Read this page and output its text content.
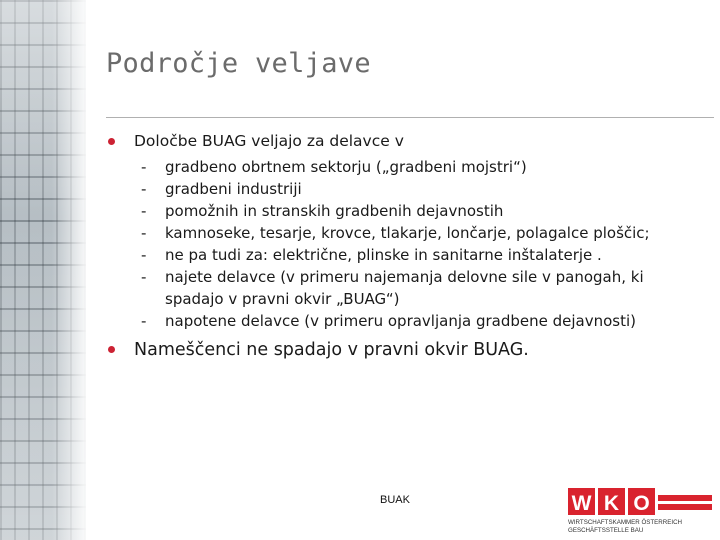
Področje veljave
Določbe BUAG veljajo za delavce v
- gradbeno obrtnem sektorju („gradbeni mojstri“)
- gradbeni industriji
- pomožnih in stranskih gradbenih dejavnostih
- kamnoseke, tesarje, krovce, tlakarje, lončarje, polagalce ploščic;
- ne pa tudi za: električne, plinske in sanitarne inštalaterje .
- najete delavce (v primeru najemanja delovne sile v panogah, ki spadajo v pravni okvir „BUAG“)
- napotene delavce (v primeru opravljanja gradbene dejavnosti)
Nameščenci ne spadajo v pravni okvir BUAG.
BUAK	W K O
WIRTSCHAFTSKAMMER ÖSTERREICH
GESCHÄFTSSTELLE BAU
